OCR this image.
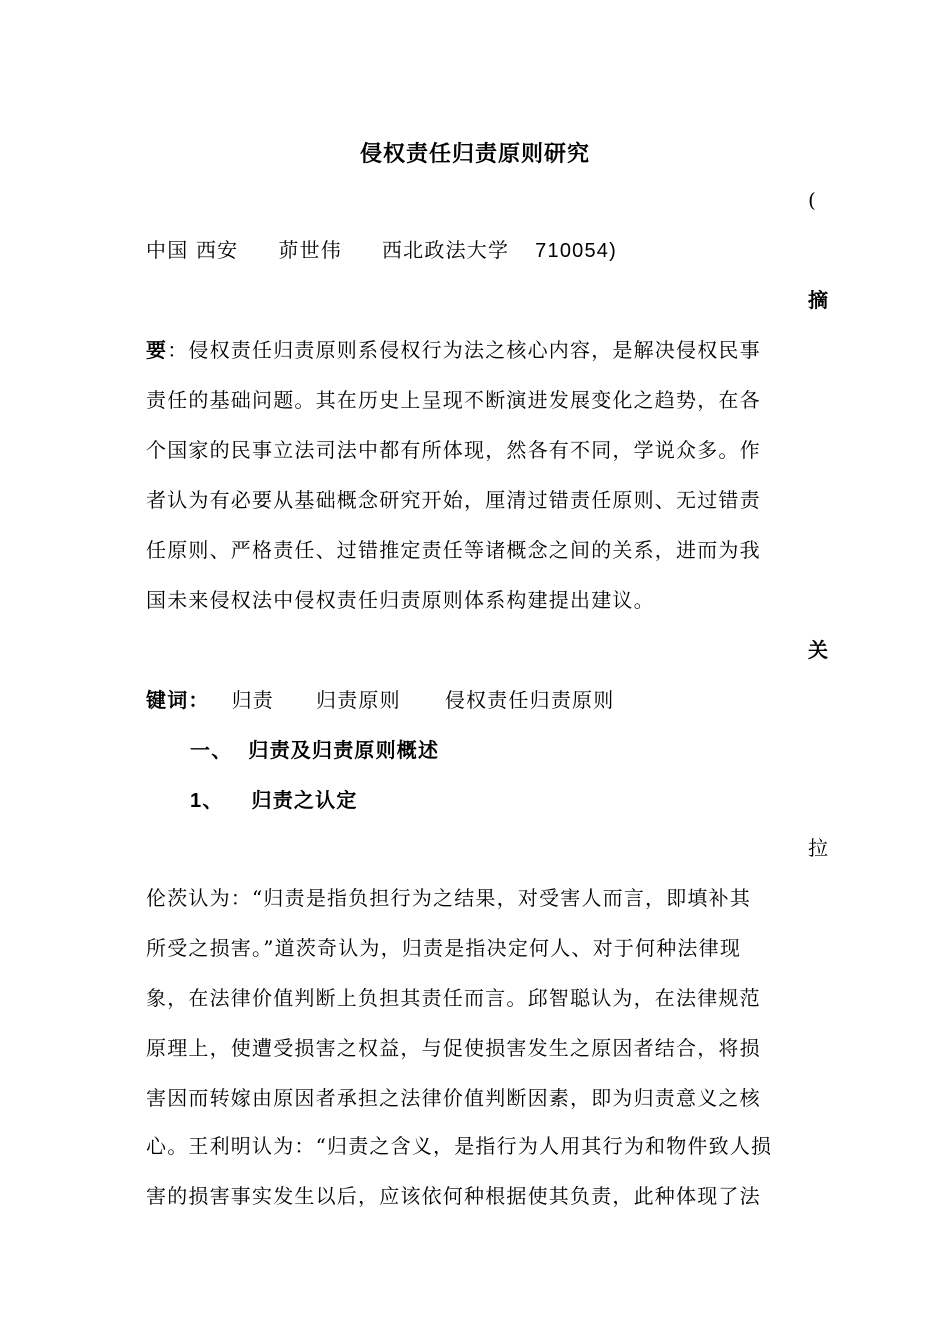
侵权责任归责原则研究
(
中国 西安 茆世伟 西北政法大学 710054)
摘
要：侵权责任归责原则系侵权行为法之核心内容，是解决侵权民事
责任的基础问题。其在历史上呈现不断演进发展变化之趋势，在各
个国家的民事立法司法中都有所体现，然各有不同，学说众多。作
者认为有必要从基础概念研究开始，厘清过错责任原则、无过错责
任原则、严格责任、过错推定责任等诸概念之间的关系，进而为我
国未来侵权法中侵权责任归责原则体系构建提出建议。
关
键词： 归责 归责原则 侵权责任归责原则
一、 归责及归责原则概述
1、 归责之认定
拉
伦茨认为：“归责是指负担行为之结果，对受害人而言，即填补其
所受之损害。”道茨奇认为，归责是指决定何人、对于何种法律现
象，在法律价值判断上负担其责任而言。邱智聪认为，在法律规范
原理上，使遭受损害之权益，与促使损害发生之原因者结合，将损
害因而转嫁由原因者承担之法律价值判断因素，即为归责意义之核
心。王利明认为：“归责之含义，是指行为人用其行为和物件致人损
害的损害事实发生以后，应该依何种根据使其负责，此种体现了法
